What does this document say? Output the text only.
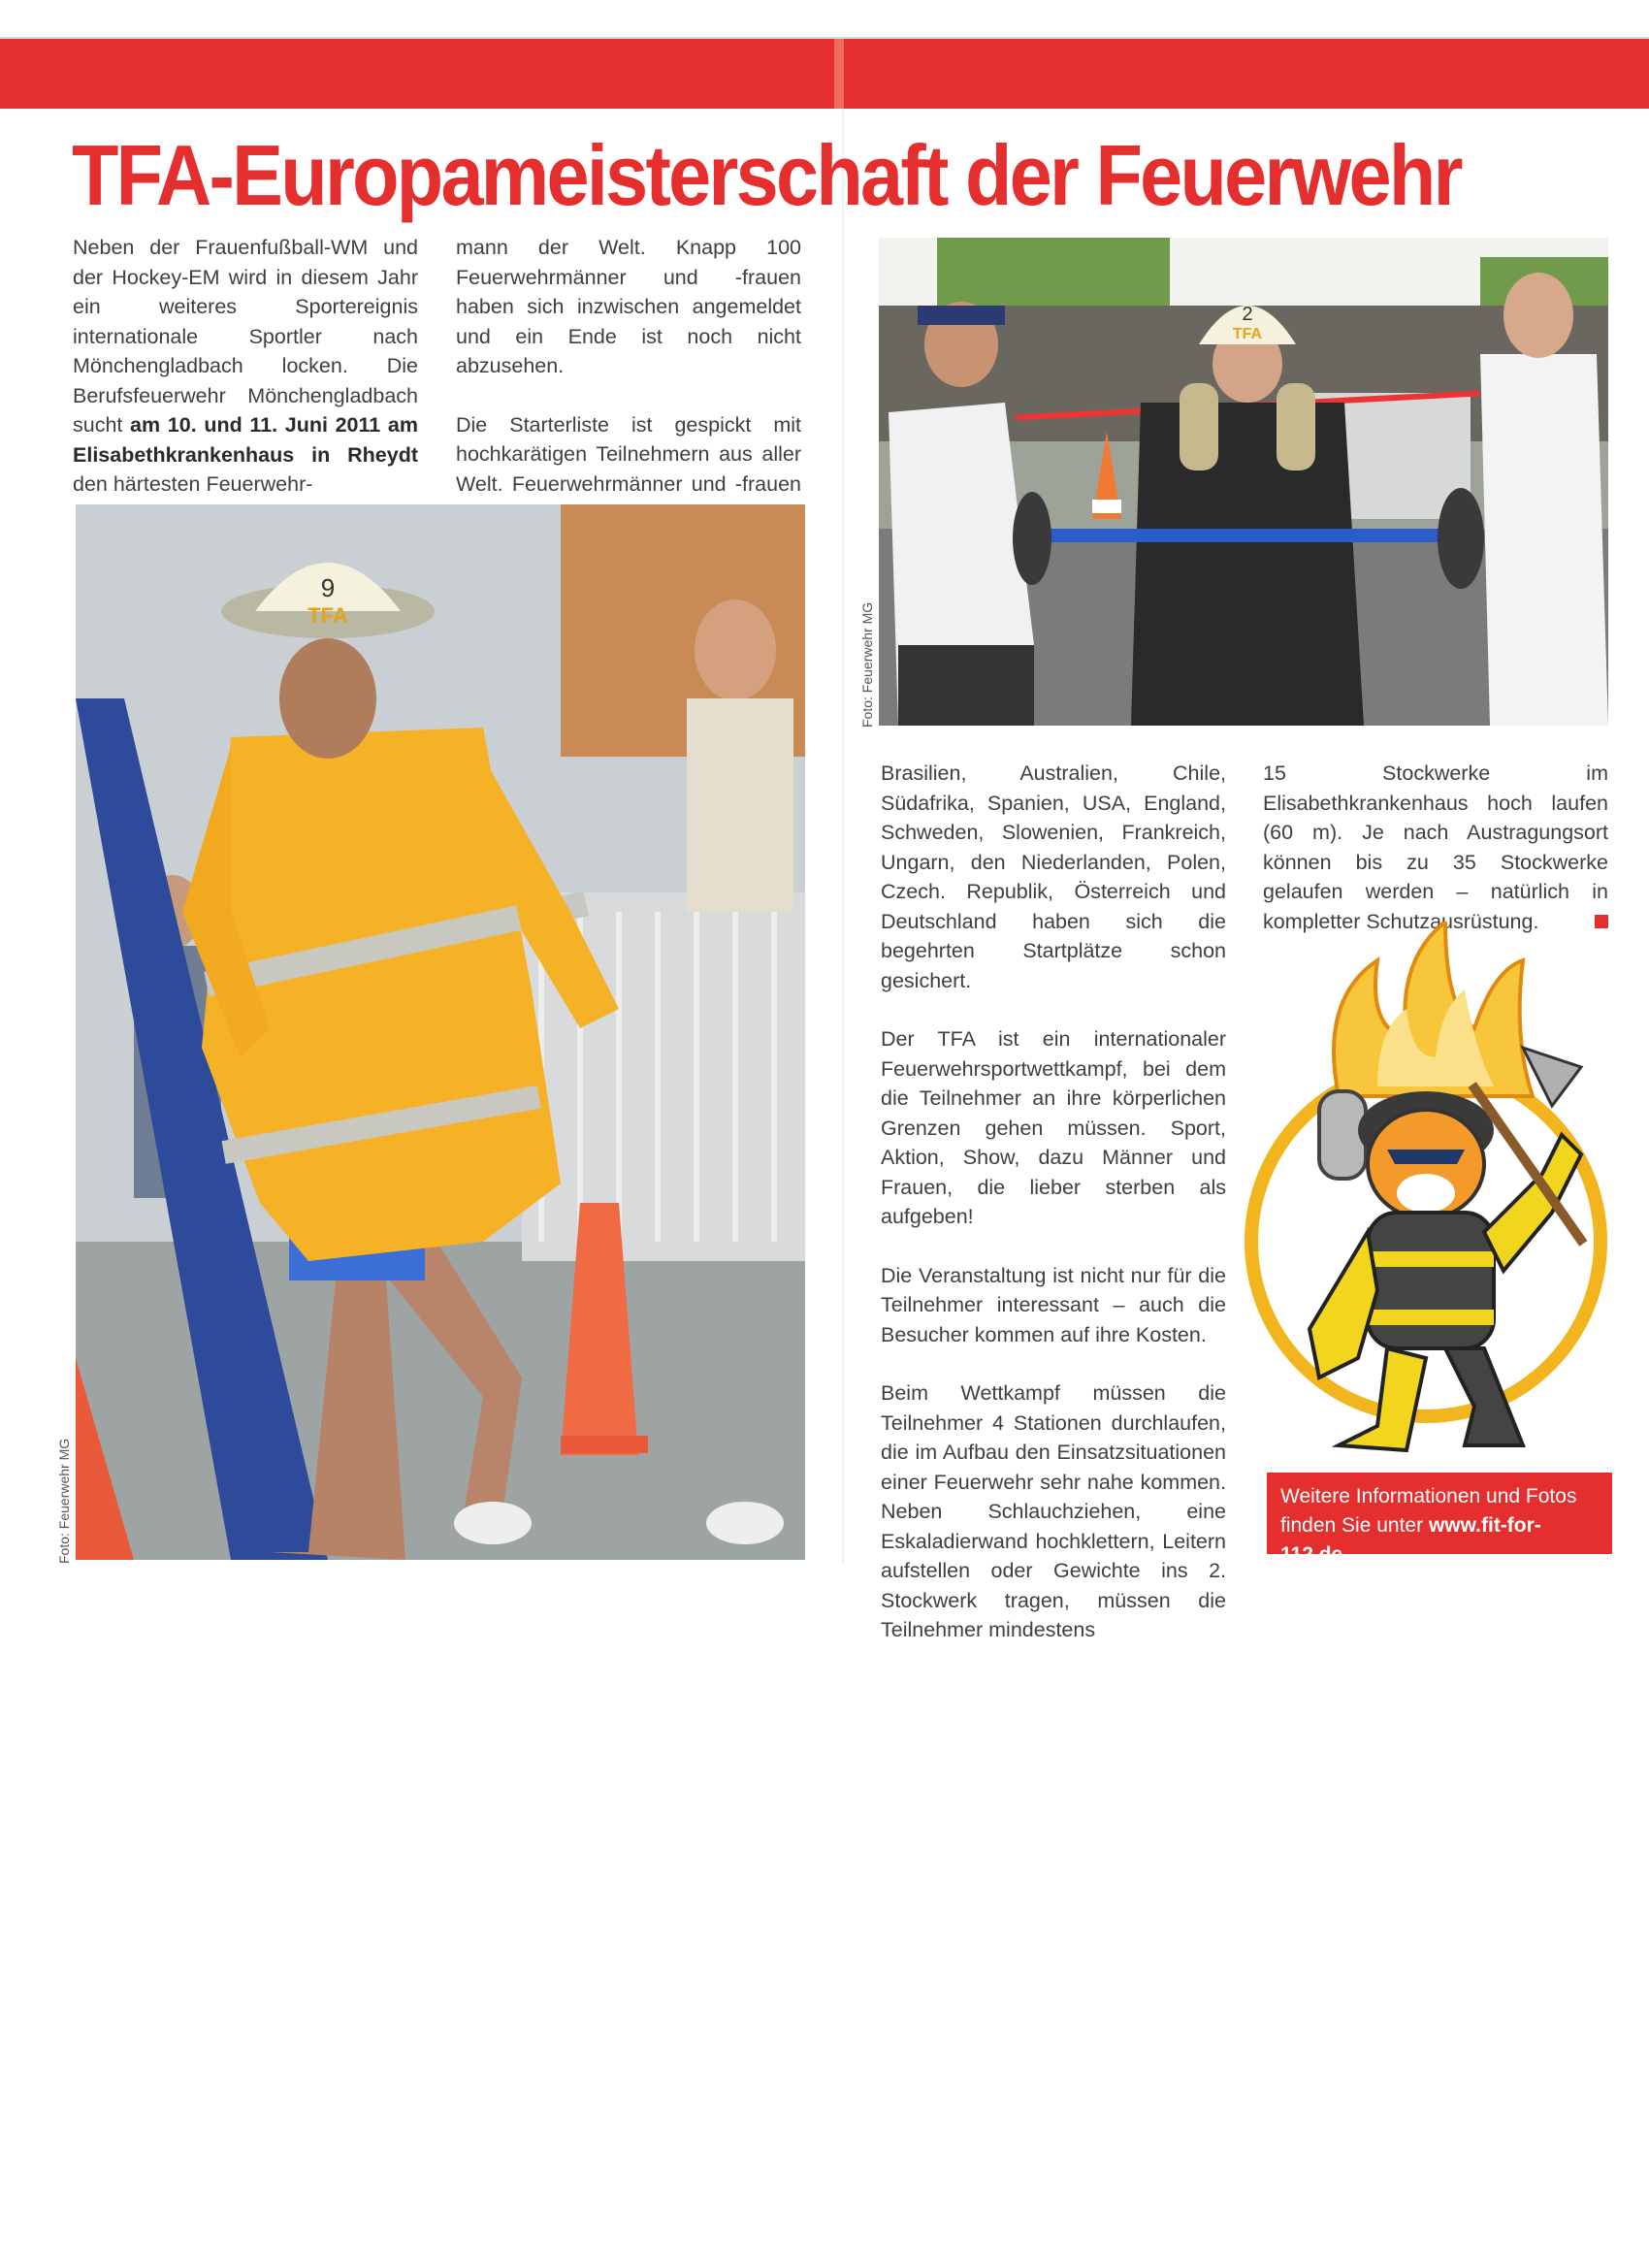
TFA-Europameisterschaft der Feuerwehr

Neben der Frauenfußball-WM und der Hockey-EM wird in diesem Jahr ein weiteres Sportereignis internationale Sportler nach Mönchengladbach locken. Die Berufsfeuerwehr Mönchengladbach sucht am 10. und 11. Juni 2011 am Elisabethkrankenhaus in Rheydt den härtesten Feuerwehr-

mann der Welt. Knapp 100 Feuerwehrmänner und -frauen haben sich inzwischen angemeldet und ein Ende ist noch nicht abzusehen.

Die Starterliste ist gespickt mit hochkarätigen Teilnehmern aus aller Welt. Feuerwehrmänner und -frauen

9
TFA
Foto: Feuerwehr MG
2
TFA
Foto: Feuerwehr MG

Brasilien, Australien, Chile, Südafrika, Spanien, USA, England, Schweden, Slowenien, Frankreich, Ungarn, den Niederlanden, Polen, Czech. Republik, Österreich und Deutschland haben sich die begehrten Startplätze schon gesichert.

Der TFA ist ein internationaler Feuerwehrsportwettkampf, bei dem die Teilnehmer an ihre körperlichen Grenzen gehen müssen. Sport, Aktion, Show, dazu Männer und Frauen, die lieber sterben als aufgeben!

Die Veranstaltung ist nicht nur für die Teilnehmer interessant – auch die Besucher kommen auf ihre Kosten.

Beim Wettkampf müssen die Teilnehmer 4 Stationen durchlaufen, die im Aufbau den Einsatzsituationen einer Feuerwehr sehr nahe kommen. Neben Schlauchziehen, eine Eskaladierwand hochklettern, Leitern aufstellen oder Gewichte ins 2. Stockwerk tragen, müssen die Teilnehmer mindestens

15 Stockwerke im Elisabethkrankenhaus hoch laufen (60 m). Je nach Austragungsort können bis zu 35 Stockwerke gelaufen werden – natürlich in kompletter Schutzausrüstung.

Weitere Informationen und Fotos
finden Sie unter www.fit-for-112.de
